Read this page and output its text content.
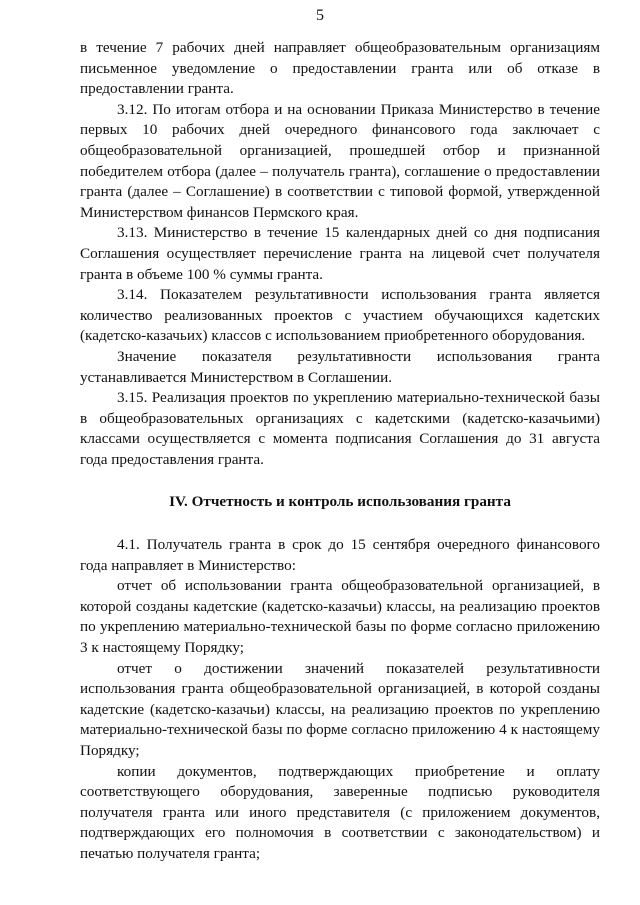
5

в течение 7 рабочих дней направляет общеобразовательным организациям письменное уведомление о предоставлении гранта или об отказе в предоставлении гранта.

3.12. По итогам отбора и на основании Приказа Министерство в течение первых 10 рабочих дней очередного финансового года заключает с общеобразовательной организацией, прошедшей отбор и признанной победителем отбора (далее – получатель гранта), соглашение о предоставлении гранта (далее – Соглашение) в соответствии с типовой формой, утвержденной Министерством финансов Пермского края.

3.13. Министерство в течение 15 календарных дней со дня подписания Соглашения осуществляет перечисление гранта на лицевой счет получателя гранта в объеме 100 % суммы гранта.

3.14. Показателем результативности использования гранта является количество реализованных проектов с участием обучающихся кадетских (кадетско-казачьих) классов с использованием приобретенного оборудования.

Значение показателя результативности использования гранта устанавливается Министерством в Соглашении.

3.15. Реализация проектов по укреплению материально-технической базы в общеобразовательных организациях с кадетскими (кадетско-казачьими) классами осуществляется с момента подписания Соглашения до 31 августа года предоставления гранта.

IV. Отчетность и контроль использования гранта

4.1. Получатель гранта в срок до 15 сентября очередного финансового года направляет в Министерство:

отчет об использовании гранта общеобразовательной организацией, в которой созданы кадетские (кадетско-казачьи) классы, на реализацию проектов по укреплению материально-технической базы по форме согласно приложению 3 к настоящему Порядку;

отчет о достижении значений показателей результативности использования гранта общеобразовательной организацией, в которой созданы кадетские (кадетско-казачьи) классы, на реализацию проектов по укреплению материально-технической базы по форме согласно приложению 4 к настоящему Порядку;

копии документов, подтверждающих приобретение и оплату соответствующего оборудования, заверенные подписью руководителя получателя гранта или иного представителя (с приложением документов, подтверждающих его полномочия в соответствии с законодательством) и печатью получателя гранта;
